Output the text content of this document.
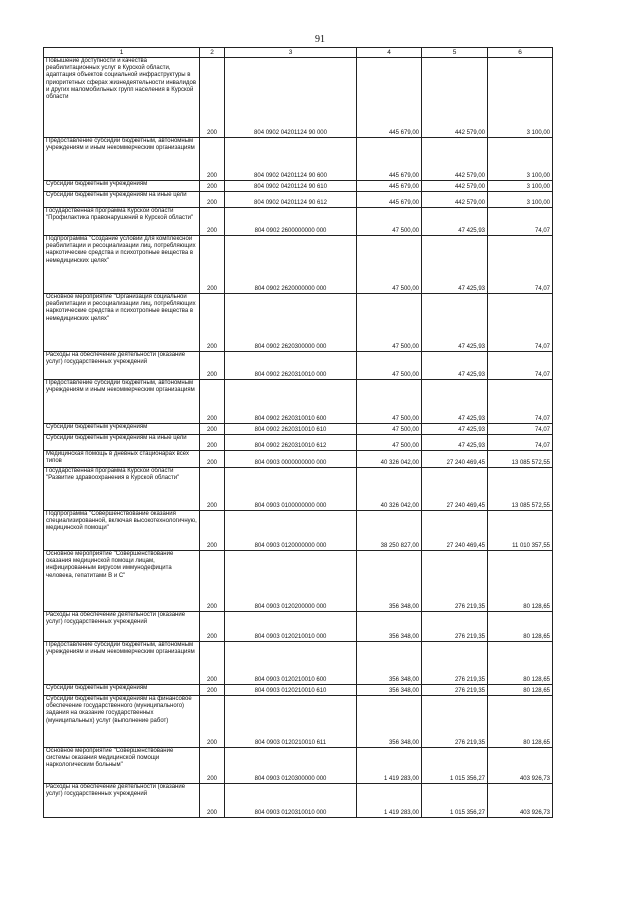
91
1	2	3	4	5	6
Повышение доступности и качества реабилитационных услуг в Курской области, адаптация объектов социальной инфраструктуры в приоритетных сферах жизнедеятельности инвалидов и других маломобильных групп населения в Курской области	200	804 0902 04201124 90 000	445 679,00	442 579,00	3 100,00
Предоставление субсидий бюджетным, автономным учреждениям и иным некоммерческим организациям	200	804 0902 04201124 90 600	445 679,00	442 579,00	3 100,00
Субсидии бюджетным учреждениям	200	804 0902 04201124 90 610	445 679,00	442 579,00	3 100,00
Субсидии бюджетным учреждениям на иные цели	200	804 0902 04201124 90 612	445 679,00	442 579,00	3 100,00
Государственная программа Курской области "Профилактика правонарушений в Курской области"	200	804 0902 2600000000 000	47 500,00	47 425,93	74,07
Подпрограмма "Создание условий для комплексной реабилитации и ресоциализации лиц, потребляющих наркотические средства и психотропные вещества в немедицинских целях"	200	804 0902 2620000000 000	47 500,00	47 425,93	74,07
Основное мероприятие "Организация социальной реабилитации и ресоциализации лиц, потребляющих наркотические средства и психотропные вещества в немедицинских целях"	200	804 0902 2620300000 000	47 500,00	47 425,93	74,07
Расходы на обеспечение деятельности (оказание услуг) государственных учреждений	200	804 0902 2620310010 000	47 500,00	47 425,93	74,07
Предоставление субсидий бюджетным, автономным учреждениям и иным некоммерческим организациям	200	804 0902 2620310010 600	47 500,00	47 425,93	74,07
Субсидии бюджетным учреждениям	200	804 0902 2620310010 610	47 500,00	47 425,93	74,07
Субсидии бюджетным учреждениям на иные цели	200	804 0902 2620310010 612	47 500,00	47 425,93	74,07
Медицинская помощь в дневных стационарах всех типов	200	804 0903 0000000000 000	40 326 042,00	27 240 469,45	13 085 572,55
Государственная программа Курской области "Развитие здравоохранения в Курской области"	200	804 0903 0100000000 000	40 326 042,00	27 240 469,45	13 085 572,55
Подпрограмма "Совершенствование оказания специализированной, включая высокотехнологичную, медицинской помощи"	200	804 0903 0120000000 000	38 250 827,00	27 240 469,45	11 010 357,55
Основное мероприятие "Совершенствование оказания медицинской помощи лицам, инфицированным вирусом иммунодефицита человека, гепатитами В и С"	200	804 0903 0120200000 000	356 348,00	276 219,35	80 128,65
Расходы на обеспечение деятельности (оказание услуг) государственных учреждений	200	804 0903 0120210010 000	356 348,00	276 219,35	80 128,65
Предоставление субсидий бюджетным, автономным учреждениям и иным некоммерческим организациям	200	804 0903 0120210010 600	356 348,00	276 219,35	80 128,65
Субсидии бюджетным учреждениям	200	804 0903 0120210010 610	356 348,00	276 219,35	80 128,65
Субсидии бюджетным учреждениям на финансовое обеспечение государственного (муниципального) задания на оказание государственных (муниципальных) услуг (выполнение работ)	200	804 0903 0120210010 611	356 348,00	276 219,35	80 128,65
Основное мероприятие "Совершенствование системы оказания медицинской помощи наркологическим больным"	200	804 0903 0120300000 000	1 419 283,00	1 015 356,27	403 926,73
Расходы на обеспечение деятельности (оказание услуг) государственных учреждений	200	804 0903 0120310010 000	1 419 283,00	1 015 356,27	403 926,73
